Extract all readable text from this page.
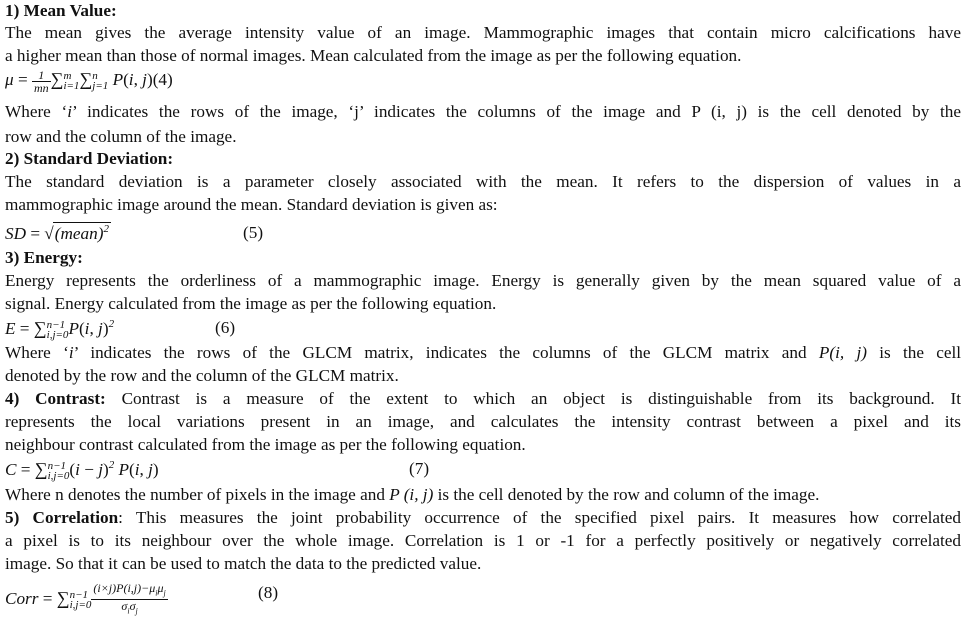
1) Mean Value:
The mean gives the average intensity value of an image. Mammographic images that contain micro calcifications have
a higher mean than those of normal images. Mean calculated from the image as per the following equation.
$\mu = \frac{1}{mn}$ ∑ m
i=1 ∑ n
j=1 P(i, j)(4)
Where ‘i’ indicates the rows of the image, ‘j’ indicates the columns of the image and P (i, j) is the cell denoted by the
row and the column of the image.
2) Standard Deviation:
The standard deviation is a parameter closely associated with the mean. It refers to the dispersion of values in a
mammographic image around the mean. Standard deviation is given as:
SD = √(mean)$^2$	(5)
3) Energy:
Energy represents the orderliness of a mammographic image. Energy is generally given by the mean squared value of a
signal. Energy calculated from the image as per the following equation.
E = ∑ n−1
i,j=0 P(i, j)$^2$	(6)
Where ‘i’ indicates the rows of the GLCM matrix, indicates the columns of the GLCM matrix and P(i, j) is the cell
denoted by the row and the column of the GLCM matrix.
4) Contrast: Contrast is a measure of the extent to which an object is distinguishable from its background. It
represents the local variations present in an image, and calculates the intensity contrast between a pixel and its
neighbour contrast calculated from the image as per the following equation.
C = ∑ n−1
i,j=0 $(i - j)^2$ P(i, j)	(7)
Where n denotes the number of pixels in the image and P (i, j) is the cell denoted by the row and column of the image.
5) Correlation: This measures the joint probability occurrence of the specified pixel pairs. It measures how correlated
a pixel is to its neighbour over the whole image. Correlation is 1 or -1 for a perfectly positively or negatively correlated
image. So that it can be used to match the data to the predicted value.
Corr = ∑ n−1
$i,j=0 \frac{(i\times j)P(i,j)-\mu_i\mu_j}{\sigma_i\sigma_j}$	(8)
